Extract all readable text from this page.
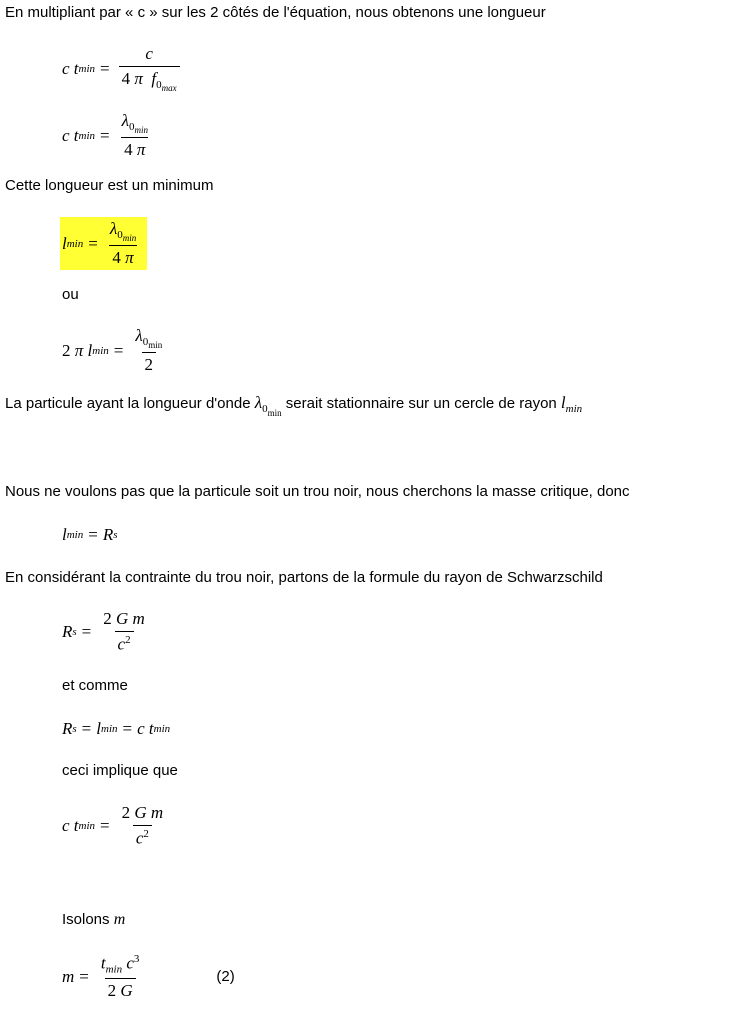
En multipliant par « c » sur les 2 côtés de l'équation, nous obtenons une longueur
c
t $\min = \frac{c}{4 \pi f_{0_{max}}}$
c
t $\min = \frac{\lambda_{0_{min}}}{4 \pi}$
Cette longueur est un minimum
l $\min = \frac{\lambda_{0_{min}}}{4 \pi}$
ou
2 π
l $\min = \frac{\lambda_{0_{min}}}{2}$
La particule ayant la longueur d'onde $\lambda_{0_{min}}$ serait stationnaire sur un cercle de rayon $l_{min}$
Nous ne voulons pas que la particule soit un trou noir, nous cherchons la masse critique, donc
l min = R s
En considérant la contrainte du trou noir, partons de la formule du rayon de Schwarzschild
R $s = \frac{\text{2 G m}}{c^2}$
et comme
R s = l min = c
t min
ceci implique que
c
t $\min = \frac{\text{2 G m}}{c^2}$
Isolons m
$m = \frac{t_{min} c^3}{2 G}$	(2)
